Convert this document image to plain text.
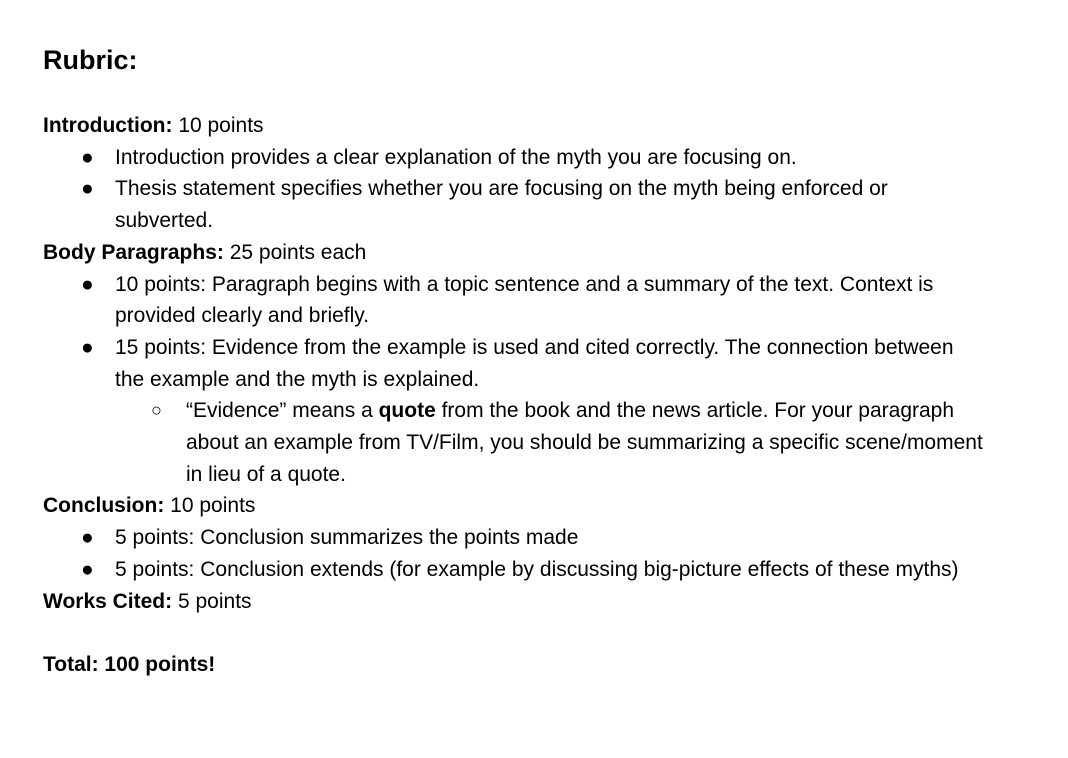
Rubric:

Introduction: 10 points

● Introduction provides a clear explanation of the myth you are focusing on.
● Thesis statement specifies whether you are focusing on the myth being enforced or subverted.

Body Paragraphs: 25 points each

● 10 points: Paragraph begins with a topic sentence and a summary of the text. Context is provided clearly and briefly.
● 15 points: Evidence from the example is used and cited correctly. The connection between the example and the myth is explained.
○ “Evidence” means a quote from the book and the news article. For your paragraph about an example from TV/Film, you should be summarizing a specific scene/moment in lieu of a quote.

Conclusion: 10 points

● 5 points: Conclusion summarizes the points made
● 5 points: Conclusion extends (for example by discussing big-picture effects of these myths)

Works Cited: 5 points

Total: 100 points!
